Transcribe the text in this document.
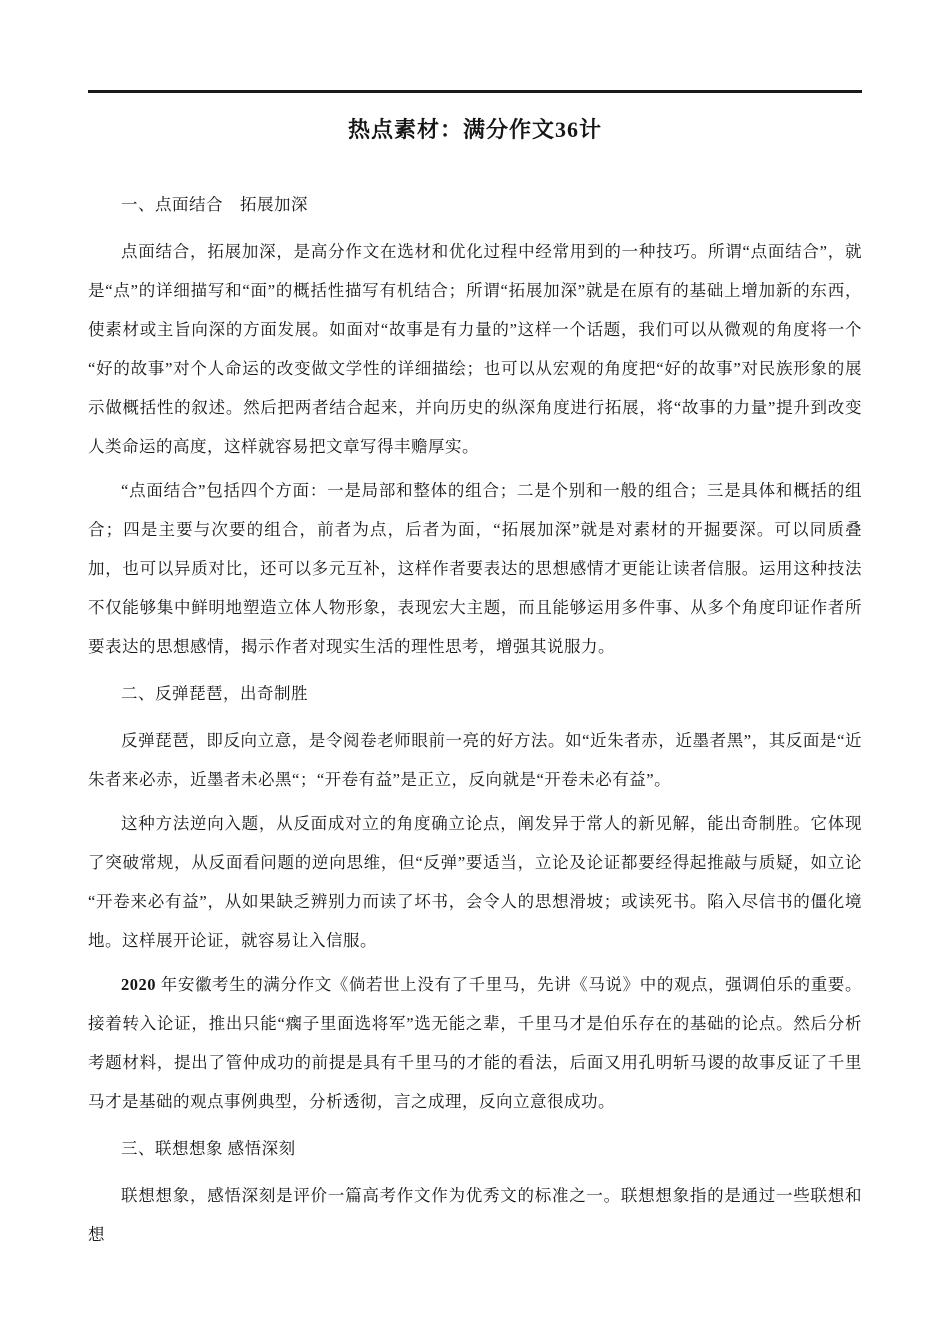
热点素材：满分作文36计

一、点面结合　拓展加深

点面结合，拓展加深，是高分作文在选材和优化过程中经常用到的一种技巧。所谓“点面结合”，就是“点”的详细描写和“面”的概括性描写有机结合；所谓“拓展加深”就是在原有的基础上增加新的东西，使素材或主旨向深的方面发展。如面对“故事是有力量的”这样一个话题，我们可以从微观的角度将一个“好的故事”对个人命运的改变做文学性的详细描绘；也可以从宏观的角度把“好的故事”对民族形象的展示做概括性的叙述。然后把两者结合起来，并向历史的纵深角度进行拓展，将“故事的力量”提升到改变人类命运的高度，这样就容易把文章写得丰赡厚实。

“点面结合”包括四个方面：一是局部和整体的组合；二是个别和一般的组合；三是具体和概括的组合；四是主要与次要的组合，前者为点，后者为面，“拓展加深”就是对素材的开掘要深。可以同质叠加，也可以异质对比，还可以多元互补，这样作者要表达的思想感情才更能让读者信服。运用这种技法不仅能够集中鲜明地塑造立体人物形象，表现宏大主题，而且能够运用多件事、从多个角度印证作者所要表达的思想感情，揭示作者对现实生活的理性思考，增强其说服力。

二、反弹琵琶，出奇制胜

反弹琵琶，即反向立意，是令阅卷老师眼前一亮的好方法。如“近朱者赤，近墨者黑”，其反面是“近朱者来必赤，近墨者未必黑“；“开卷有益”是正立，反向就是“开卷未必有益”。

这种方法逆向入题，从反面成对立的角度确立论点，阐发异于常人的新见解，能出奇制胜。它体现了突破常规，从反面看问题的逆向思维，但“反弹”要适当，立论及论证都要经得起推敲与质疑，如立论“开卷来必有益”，从如果缺乏辨别力而读了坏书，会令人的思想滑坡；或读死书。陷入尽信书的僵化境地。这样展开论证，就容易让入信服。

2020 年安徽考生的满分作文《倘若世上没有了千里马，先讲《马说》中的观点，强调伯乐的重要。接着转入论证，推出只能“瘸子里面选将军”选无能之辈，千里马才是伯乐存在的基础的论点。然后分析考题材料，提出了管仲成功的前提是具有千里马的才能的看法，后面又用孔明斩马谡的故事反证了千里马才是基础的观点事例典型，分析透彻，言之成理，反向立意很成功。

三、联想想象 感悟深刻

联想想象，感悟深刻是评价一篇高考作文作为优秀文的标准之一。联想想象指的是通过一些联想和想
